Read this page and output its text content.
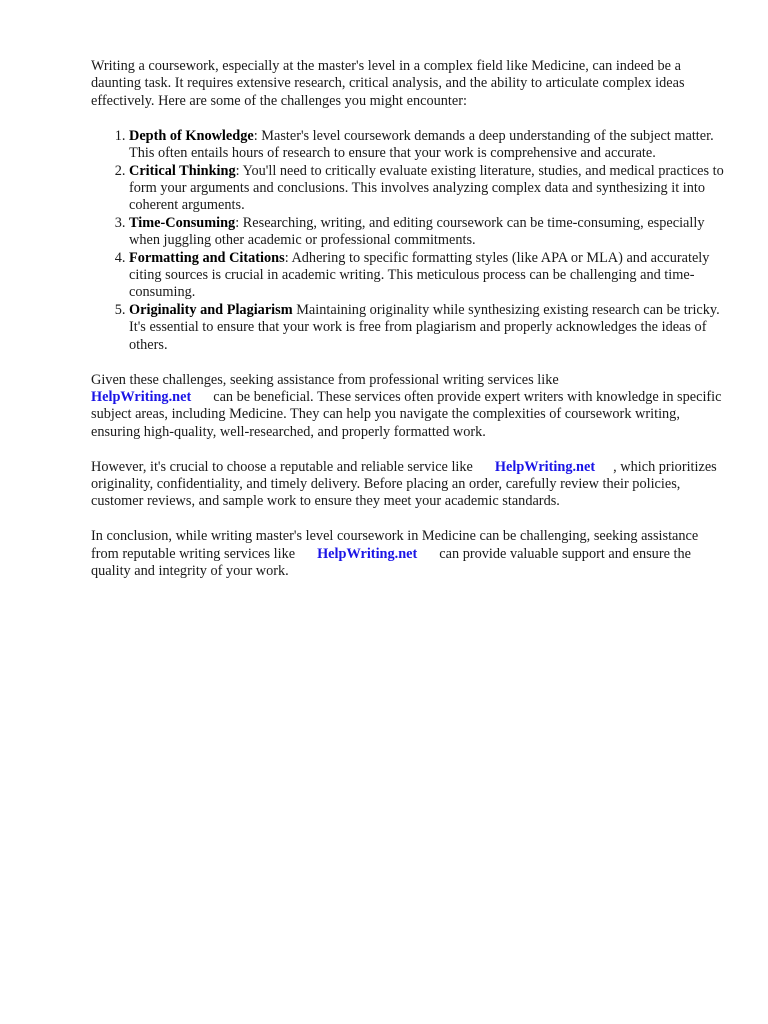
Writing a coursework, especially at the master's level in a complex field like Medicine, can indeed be a daunting task. It requires extensive research, critical analysis, and the ability to articulate complex ideas effectively. Here are some of the challenges you might encounter:

1. Depth of Knowledge: Master's level coursework demands a deep understanding of the subject matter. This often entails hours of research to ensure that your work is comprehensive and accurate.
2. Critical Thinking: You'll need to critically evaluate existing literature, studies, and medical practices to form your arguments and conclusions. This involves analyzing complex data and synthesizing it into coherent arguments.
3. Time-Consuming: Researching, writing, and editing coursework can be time-consuming, especially when juggling other academic or professional commitments.
4. Formatting and Citations: Adhering to specific formatting styles (like APA or MLA) and accurately citing sources is crucial in academic writing. This meticulous process can be challenging and time-consuming.
5. Originality and Plagiarism Maintaining originality while synthesizing existing research can be tricky. It's essential to ensure that your work is free from plagiarism and properly acknowledges the ideas of others.

Given these challenges, seeking assistance from professional writing services like
HelpWriting.net can be beneficial. These services often provide expert writers with knowledge in specific subject areas, including Medicine. They can help you navigate the complexities of coursework writing, ensuring high-quality, well-researched, and properly formatted work.

However, it's crucial to choose a reputable and reliable service like HelpWriting.net , which prioritizes originality, confidentiality, and timely delivery. Before placing an order, carefully review their policies, customer reviews, and sample work to ensure they meet your academic standards.

In conclusion, while writing master's level coursework in Medicine can be challenging, seeking assistance from reputable writing services like HelpWriting.net can provide valuable support and ensure the quality and integrity of your work.
